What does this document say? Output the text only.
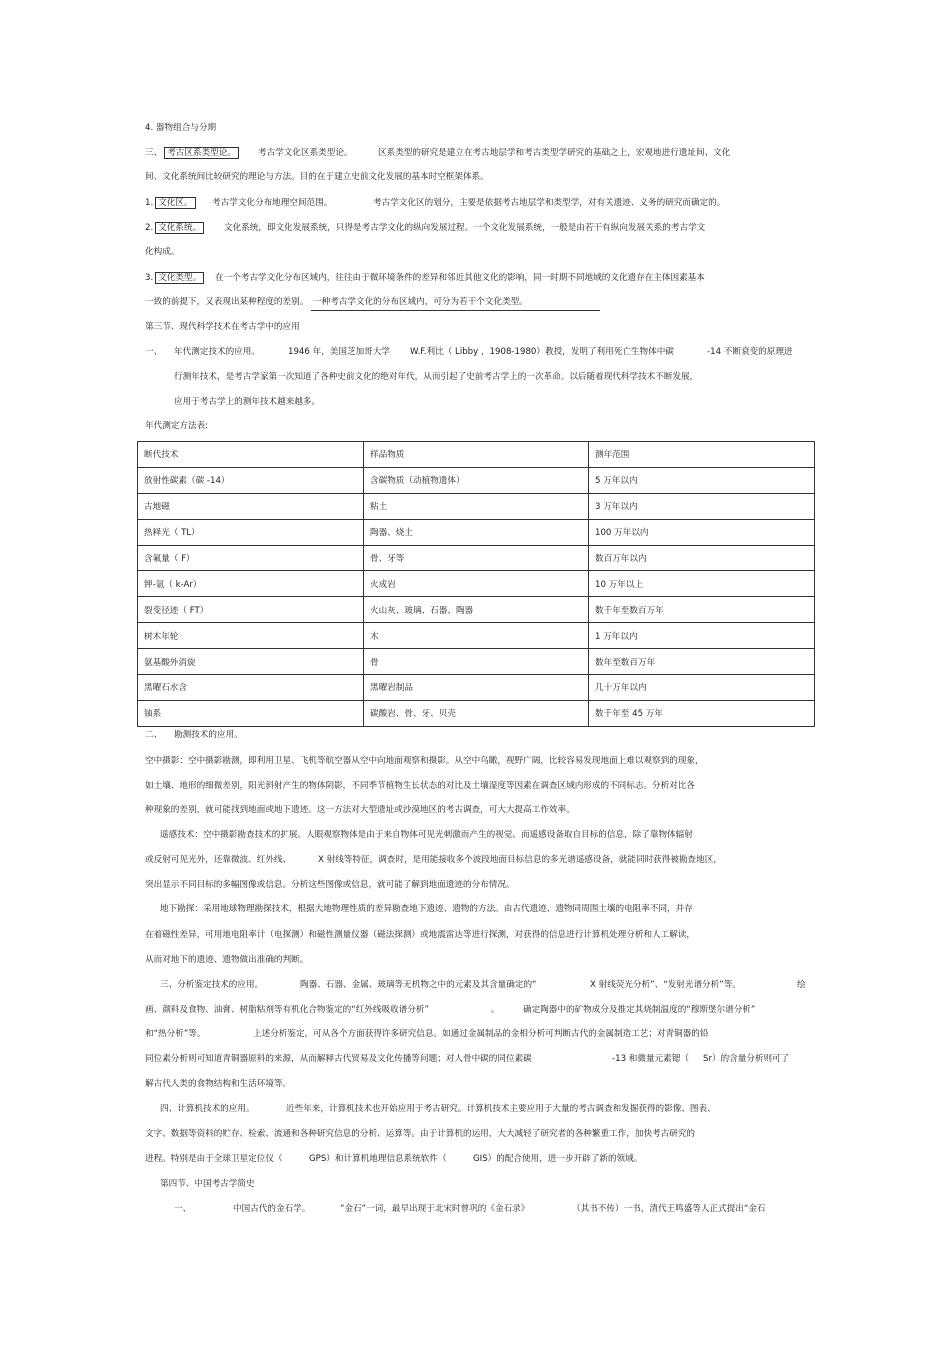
4. 器物组合与分期
三、 考古区系类型论。	考古学文化区系类型论。	区系类型的研究是建立在考古地层学和考古类型学研究的基础之上，宏观地进行遗址间、文化
间、文化系统间比较研究的理论与方法。目的在于建立史前文化发展的基本时空框架体系。
1. 文化区。	考古学文化分布地理空间范围。	考古学文化区的划分，主要是依据考古地层学和类型学，对有关遗迹、义务的研究而确定的。
2. 文化系统。	文化系统，即文化发展系统，只得是考古学文化的纵向发展过程。一个文化发展系统，一般是由若干有纵向发展关系的考古学文
化构成。
3. 文化类型。	在一个考古学文化分布区域内，往往由于微环境条件的差异和邻近其他文化的影响，同一时期不同地域的文化遗存在主体因素基本
一致的前提下，又表现出某种程度的差别。 一种考古学文化的分布区域内，可分为若干个文化类型。
第三节、现代科学技术在考古学中的应用
一、 年代测定技术的应用。	1946 年，美国芝加哥大学 W.F.利比（ Libby ，1908-1980）教授，发明了利用死亡生物体中碳	-14 不断衰变的原理进
行测年技术，是考古学家第一次知道了各种史前文化的绝对年代，从而引起了史前考古学上的一次革命。以后随着现代科学技术不断发展，
应用于考古学上的测年技术越来越多。
年代测定方法表:
断代技术	样品物质	测年范围
放射性碳素（碳 -14）	含碳物质（动植物遗体）	5 万年以内
古地磁	粘土	3 万年以内
热释光（ TL）	陶器、烧土	100 万年以内
含氟量（ F）	骨、牙等	数百万年以内
钾-氩（ k-Ar）	火成岩	10 万年以上
裂变径迹（ FT）	火山灰、玻璃、石器、陶器	数千年至数百万年
树木年轮	木	1 万年以内
氨基酸外消旋	骨	数年至数百万年
黑曜石水含	黑曜岩制品	几十万年以内
铀系	碳酸岩、骨、牙、贝壳	数千年至 45 万年
二、 勘测技术的应用。
空中摄影：空中摄影勘测，即利用卫星、飞机等航空器从空中向地面观察和摄影。从空中鸟瞰，视野广阔，比较容易发现地面上难以观察到的现象，
如土壤、地形的细微差别，阳光斜射产生的物体阴影，不同季节植物生长状态的对比及土壤湿度等因素在调查区域内形成的不同标志。分析对比各
种现象的差别，就可能找到地面或地下遗迹。这一方法对大型遗址或沙漠地区的考古调查，可大大提高工作效率。
遥感技术：空中摄影勘查技术的扩展。人眼观察物体是由于来自物体可见光刺激而产生的视觉。而遥感设备取自目标的信息，除了靠物体辐射
或反射可见光外，还靠微波、红外线、	X 射线等特征，调查时，是用能接收多个波段地面目标信息的多光谱遥感设备，就能同时获得被勘查地区，
突出显示不同目标的多幅图像或信息。分析这些图像或信息，就可能了解到地面遗迹的分布情况。
地下勘探：采用地球物理勘探技术，根据大地物理性质的差异勘查地下遗迹、遗物的方法。由古代遗迹、遗物同周围土壤的电阻率不同，并存
在着磁性差异，可用地电阻率计（电探测）和磁性测量仪器（磁法探测）或地震雷达等进行探测，对获得的信息进行计算机处理分析和人工解读，
从而对地下的遗迹、遗物做出准确的判断。
三、分析鉴定技术的应用。	陶器、石器、金属、玻璃等无机物之中的元素及其含量确定的“	X 射线荧光分析”、“发射光谱分析”等。	绘
画、颜料及食物、油膏、树脂粘剂等有机化合物鉴定的“红外线吸收谱分析”	。	确定陶器中的矿物成分及推定其烧制温度的“穆斯堡尔谱分析”
和“热分析”等。	上述分析鉴定，可从各个方面获得许多研究信息。如通过金属制品的金相分析可判断古代的金属制造工艺；对青铜器的铅
同位素分析则可知道青铜器原料的来源，从而解释古代贸易及文化传播等问题；对人骨中碳的同位素碳	-13 和微量元素锶（ Sr）的含量分析则可了
解古代人类的食物结构和生活环境等。
四、计算机技术的应用。	近些年来，计算机技术也开始应用于考古研究。计算机技术主要应用于大量的考古调查和发掘获得的影像、图表、
文字、数据等资料的贮存、检索、流通和各种研究信息的分析、运算等。由于计算机的运用，大大减轻了研究者的各种繁重工作，加快考古研究的
进程。特别是由于全球卫星定位仪（	GPS）和计算机地理信息系统软件（	GIS）的配合使用，进一步开辟了新的领域。
第四节、中国考古学简史
一、	中国古代的金石学。	“金石”一词，最早出现于北宋时曾巩的《金石录》	（其书不传）一书，清代王鸣盛等人正式提出“金石
